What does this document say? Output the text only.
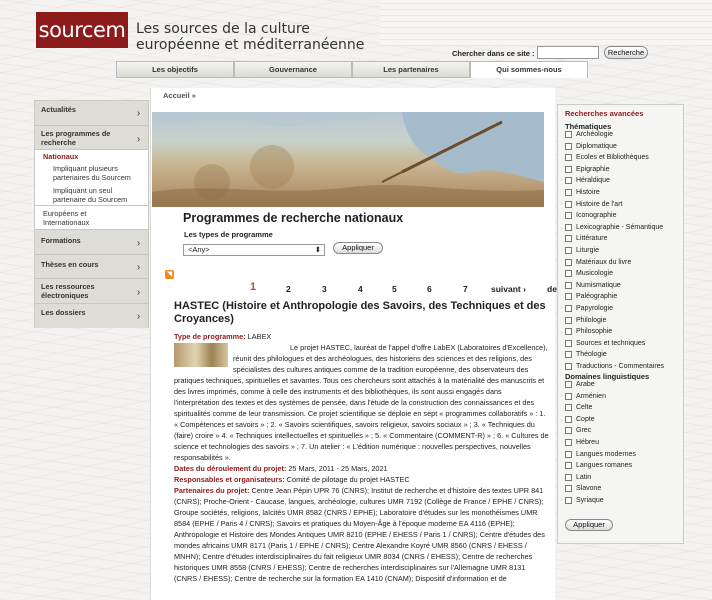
sourcem Les sources de la culture
européenne et méditerranéenne
Chercher dans ce site :	Recherche
Les objectifs	Gouvernance	Les partenaires	Qui sommes-nous
Accueil »
Programmes de recherche nationaux
Les types de programme
<Any>	⬍	Appliquer
◥
1	2	3	4	5	6	7	suivant › de
HASTEC (Histoire et Anthropologie des Savoirs, des Techniques et des Croyances)
Type de programme: LABEX
Le projet HASTEC, lauréat de l'appel d'offre LabEX (Laboratoires d'Excellence), réunit des philologues et des archéologues, des historiens des sciences et des religions, des spécialistes des cultures antiques comme de la tradition européenne, des observateurs des pratiques techniques, spirituelles et savantes. Tous ces chercheurs sont attachés à la matérialité des manuscrits et des livres imprimés, comme à celle des instruments et des bibliothèques, ils sont aussi engagés dans l'interprétation des textes et des systèmes de pensée, dans l'étude de la construction des connaissances et des spiritualités comme de leur transmission. Ce projet scientifique se déploie en sept « programmes collaboratifs » : 1. « Compétences et savoirs » ; 2. « Savoirs scientifiques, savoirs religieux, savoirs sociaux » ; 3. « Techniques du (faire) croire » 4. « Techniques intellectuelles et spirituelles » ; 5. « Commentaire (COMMENT-R) » ; 6. « Cultures de science et technologies des savoirs » ; 7. Un atelier : « L'édition numérique : nouvelles perspectives, nouvelles responsabilités ».
Dates du déroulement du projet: 25 Mars, 2011 - 25 Mars, 2021
Responsables et organisateurs: Comité de pilotage du projet HASTEC
Partenaires du projet: Centre Jean Pépin UPR 76 (CNRS); Institut de recherche et d'histoire des textes UPR 841 (CNRS); Proche-Orient - Caucase, langues, archéologie, cultures UMR 7192 (Collège de France / EPHE / CNRS); Groupe sociétés, religions, laïcités UMR 8582 (CNRS / EPHE); Laboratoire d'études sur les monothéismes UMR 8584 (EPHE / Paris 4 / CNRS); Savoirs et pratiques du Moyen-Âge à l'époque moderne EA 4116 (EPHE); Anthropologie et Histoire des Mondes Antiques UMR 8210 (EPHE / EHESS / Paris 1 / CNRS); Centre d'études des mondes africains UMR 8171 (Paris 1 / EPHE / CNRS); Centre Alexandre Koyré UMR 8560 (CNRS / EHESS / MNHN); Centre d'études interdisciplinaires du fait religieux UMR 8034 (CNRS / EHESS); Centre de recherches historiques UMR 8558 (CNRS / EHESS); Centre de recherches interdisciplinaires sur l'Allemagne UMR 8131 (CNRS / EHESS); Centre de recherche sur la formation EA 1410 (CNAM); Dispositif d'information et de
Actualités	›
Les programmes de recherche	›
Nationaux
Impliquant plusieurs partenaires du Sourcem
Impliquant un seul partenaire du Sourcem
Européens et Internationaux
Formations	›
Thèses en cours	›
Les ressources électroniques	›
Les dossiers	›
Recherches avancées
Thématiques
Archéologie
Diplomatique
Ecoles et Bibliothèques
Epigraphie
Héraldique
Histoire
Histoire de l'art
Iconographie
Lexicographie - Sémantique
Littérature
Liturgie
Matériaux du livre
Musicologie
Numismatique
Paléographie
Papyrologie
Philologie
Philosophie
Sources et techniques
Théologie
Traductions - Commentaires
Domaines linguistiques
Arabe
Arménien
Celte
Copte
Grec
Hébreu
Langues modernes
Langues romanes
Latin
Slavone
Syriaque
Appliquer
